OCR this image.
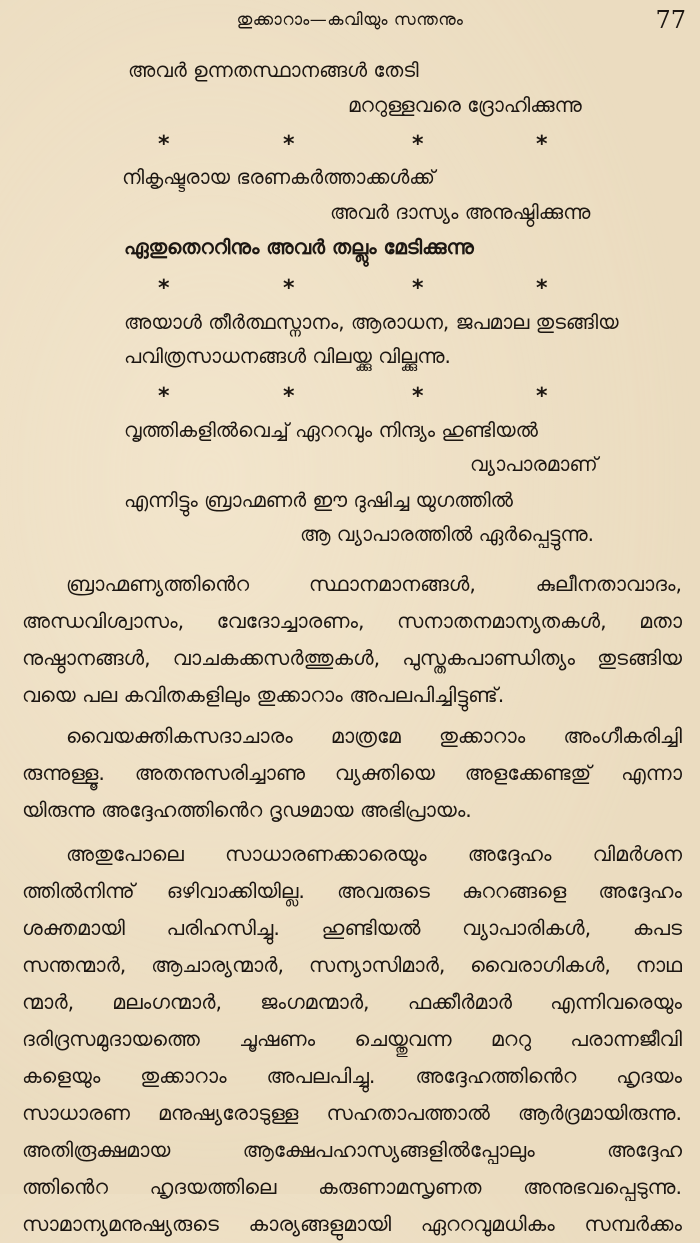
തുക്കാറാം—കവിയും സന്തനും	77
അവർ ഉന്നതസ്ഥാനങ്ങൾ തേടി
മററുള്ളവരെ ദ്രോഹിക്കുന്നു
*	*	*	*
നികൃഷ്ടരായ ഭരണകർത്താക്കൾക്ക്
അവർ ദാസ്യം അനുഷ്ഠിക്കുന്നു
ഏതുതെററിനും അവർ തല്ലും മേടിക്കുന്നു
*	*	*	*
അയാൾ തീർത്ഥസ്നാനം, ആരാധന, ജപമാല തുടങ്ങിയ
പവിത്രസാധനങ്ങൾ വിലയ്ക്കു വില്ക്കുന്നു.
*	*	*	*
വൃത്തികളിൽവെച്ച് ഏററവും നിന്ദ്യം ഹുണ്ടിയൽ
വ്യാപാരമാണ്
എന്നിട്ടും ബ്രാഹ്മണർ ഈ ദുഷിച്ച യുഗത്തിൽ
ആ വ്യാപാരത്തിൽ ഏർപ്പെട്ടുന്നു.
ബ്രാഹ്മണ്യത്തിൻെറ സ്ഥാനമാനങ്ങൾ, കുലീനതാവാദം,
അന്ധവിശ്വാസം, വേദോച്ചാരണം, സനാതനമാന്യതകൾ, മതാ
നുഷ്ഠാനങ്ങൾ, വാചകക്കസർത്തുകൾ, പുസ്തകപാണ്ഡിത്യം തുടങ്ങിയ
വയെ പല കവിതകളിലും തുക്കാറാം അപലപിച്ചിട്ടുണ്ട്.
വൈയക്തികസദാചാരം മാത്രമേ തുക്കാറാം അംഗീകരിച്ചി
രുന്നുള്ളൂ. അതനുസരിച്ചാണു വ്യക്തിയെ അളക്കേണ്ടതു് എന്നാ
യിരുന്നു അദ്ദേഹത്തിൻെറ ദൃഢമായ അഭിപ്രായം.
അതുപോലെ സാധാരണക്കാരെയും അദ്ദേഹം വിമർശന
ത്തിൽനിന്നു് ഒഴിവാക്കിയില്ല. അവരുടെ കുററങ്ങളെ അദ്ദേഹം
ശക്തമായി പരിഹസിച്ചു. ഹുണ്ടിയൽ വ്യാപാരികൾ, കപട
സന്തന്മാർ, ആചാര്യന്മാർ, സന്യാസിമാർ, വൈരാഗികൾ, നാഥ
ന്മാർ, മലംഗന്മാർ, ജംഗമന്മാർ, ഫക്കീർമാർ എന്നിവരെയും
ദരിദ്രസമുദായത്തെ ചൂഷണം ചെയ്തുവന്ന മററു പരാന്നജീവി
കളെയും തുക്കാറാം അപലപിച്ചു. അദ്ദേഹത്തിൻെറ ഹൃദയം
സാധാരണ മനുഷ്യരോടുള്ള സഹതാപത്താൽ ആർദ്രമായിരുന്നു.
അതിരൂക്ഷമായ ആക്ഷേപഹാസ്യങ്ങളിൽപ്പോലും അദ്ദേഹ
ത്തിൻെറ ഹൃദയത്തിലെ കരുണാമസൃണത അനുഭവപ്പെടുന്നു.
സാമാന്യമനുഷ്യരുടെ കാര്യങ്ങളുമായി ഏററവുമധികം സമ്പർക്കം
